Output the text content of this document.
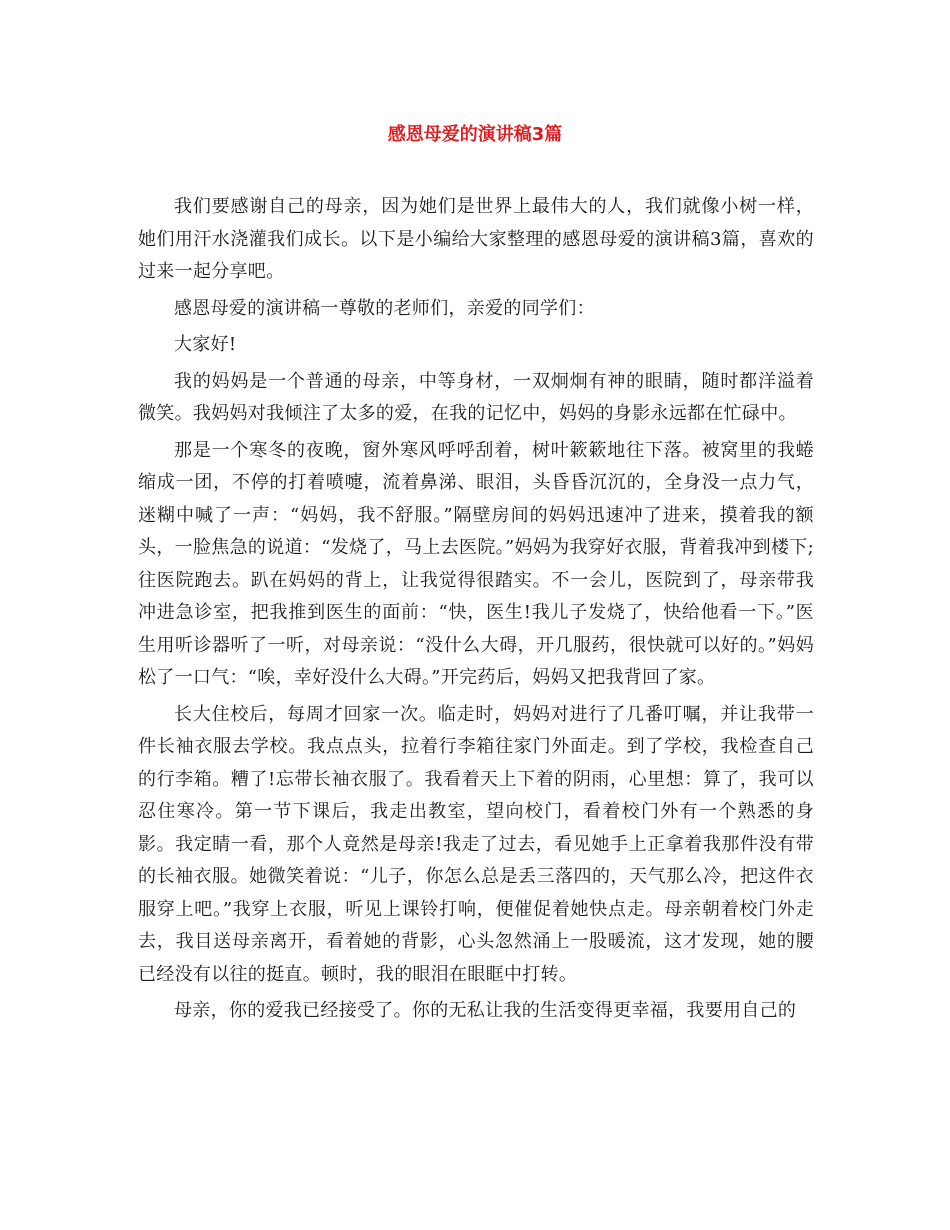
感恩母爱的演讲稿3篇

我们要感谢自己的母亲，因为她们是世界上最伟大的人，我们就像小树一样，她们用汗水浇灌我们成长。以下是小编给大家整理的感恩母爱的演讲稿3篇，喜欢的过来一起分享吧。

感恩母爱的演讲稿一尊敬的老师们，亲爱的同学们：

大家好!

我的妈妈是一个普通的母亲，中等身材，一双炯炯有神的眼睛，随时都洋溢着微笑。我妈妈对我倾注了太多的爱，在我的记忆中，妈妈的身影永远都在忙碌中。

那是一个寒冬的夜晚，窗外寒风呼呼刮着，树叶簌簌地往下落。被窝里的我蜷缩成一团，不停的打着喷嚏，流着鼻涕、眼泪，头昏昏沉沉的，全身没一点力气，迷糊中喊了一声：“妈妈，我不舒服。”隔壁房间的妈妈迅速冲了进来，摸着我的额头，一脸焦急的说道：“发烧了，马上去医院。”妈妈为我穿好衣服，背着我冲到楼下;往医院跑去。趴在妈妈的背上，让我觉得很踏实。不一会儿，医院到了，母亲带我冲进急诊室，把我推到医生的面前：“快，医生!我儿子发烧了，快给他看一下。”医生用听诊器听了一听，对母亲说：“没什么大碍，开几服药，很快就可以好的。”妈妈松了一口气：“唉，幸好没什么大碍。”开完药后，妈妈又把我背回了家。

长大住校后，每周才回家一次。临走时，妈妈对进行了几番叮嘱，并让我带一件长袖衣服去学校。我点点头，拉着行李箱往家门外面走。到了学校，我检查自己的行李箱。糟了!忘带长袖衣服了。我看着天上下着的阴雨，心里想：算了，我可以忍住寒冷。第一节下课后，我走出教室，望向校门，看着校门外有一个熟悉的身影。我定睛一看，那个人竟然是母亲!我走了过去，看见她手上正拿着我那件没有带的长袖衣服。她微笑着说：“儿子，你怎么总是丢三落四的，天气那么冷，把这件衣服穿上吧。”我穿上衣服，听见上课铃打响，便催促着她快点走。母亲朝着校门外走去，我目送母亲离开，看着她的背影，心头忽然涌上一股暖流，这才发现，她的腰已经没有以往的挺直。顿时，我的眼泪在眼眶中打转。

母亲，你的爱我已经接受了。你的无私让我的生活变得更幸福，我要用自己的
